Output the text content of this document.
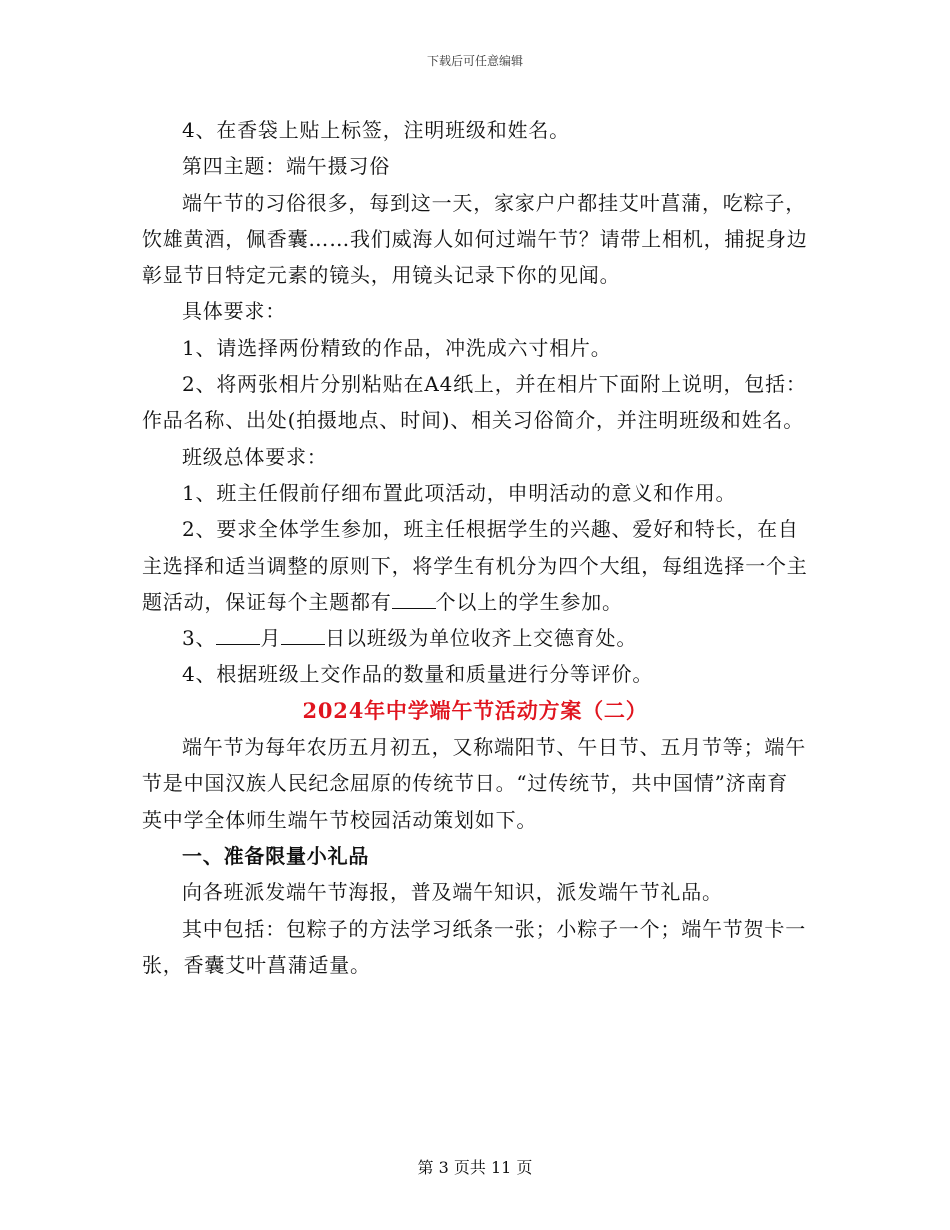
下载后可任意编辑

4、在香袋上贴上标签，注明班级和姓名。

第四主题：端午摄习俗

端午节的习俗很多，每到这一天，家家户户都挂艾叶菖蒲，吃粽子，饮雄黄酒，佩香囊……我们威海人如何过端午节？请带上相机，捕捉身边彰显节日特定元素的镜头，用镜头记录下你的见闻。

具体要求：

1、请选择两份精致的作品，冲洗成六寸相片。

2、将两张相片分别粘贴在A4纸上，并在相片下面附上说明，包括：作品名称、出处(拍摄地点、时间)、相关习俗简介，并注明班级和姓名。

班级总体要求：

1、班主任假前仔细布置此项活动，申明活动的意义和作用。

2、要求全体学生参加，班主任根据学生的兴趣、爱好和特长，在自主选择和适当调整的原则下，将学生有机分为四个大组，每组选择一个主题活动，保证每个主题都有 个以上的学生参加。

3、 月 日以班级为单位收齐上交德育处。

4、根据班级上交作品的数量和质量进行分等评价。

2024年中学端午节活动方案（二）

端午节为每年农历五月初五，又称端阳节、午日节、五月节等；端午节是中国汉族人民纪念屈原的传统节日。“过传统节，共中国情”济南育英中学全体师生端午节校园活动策划如下。

一、准备限量小礼品

向各班派发端午节海报，普及端午知识，派发端午节礼品。

其中包括：包粽子的方法学习纸条一张；小粽子一个；端午节贺卡一张，香囊艾叶菖蒲适量。

第 3 页共 11 页
